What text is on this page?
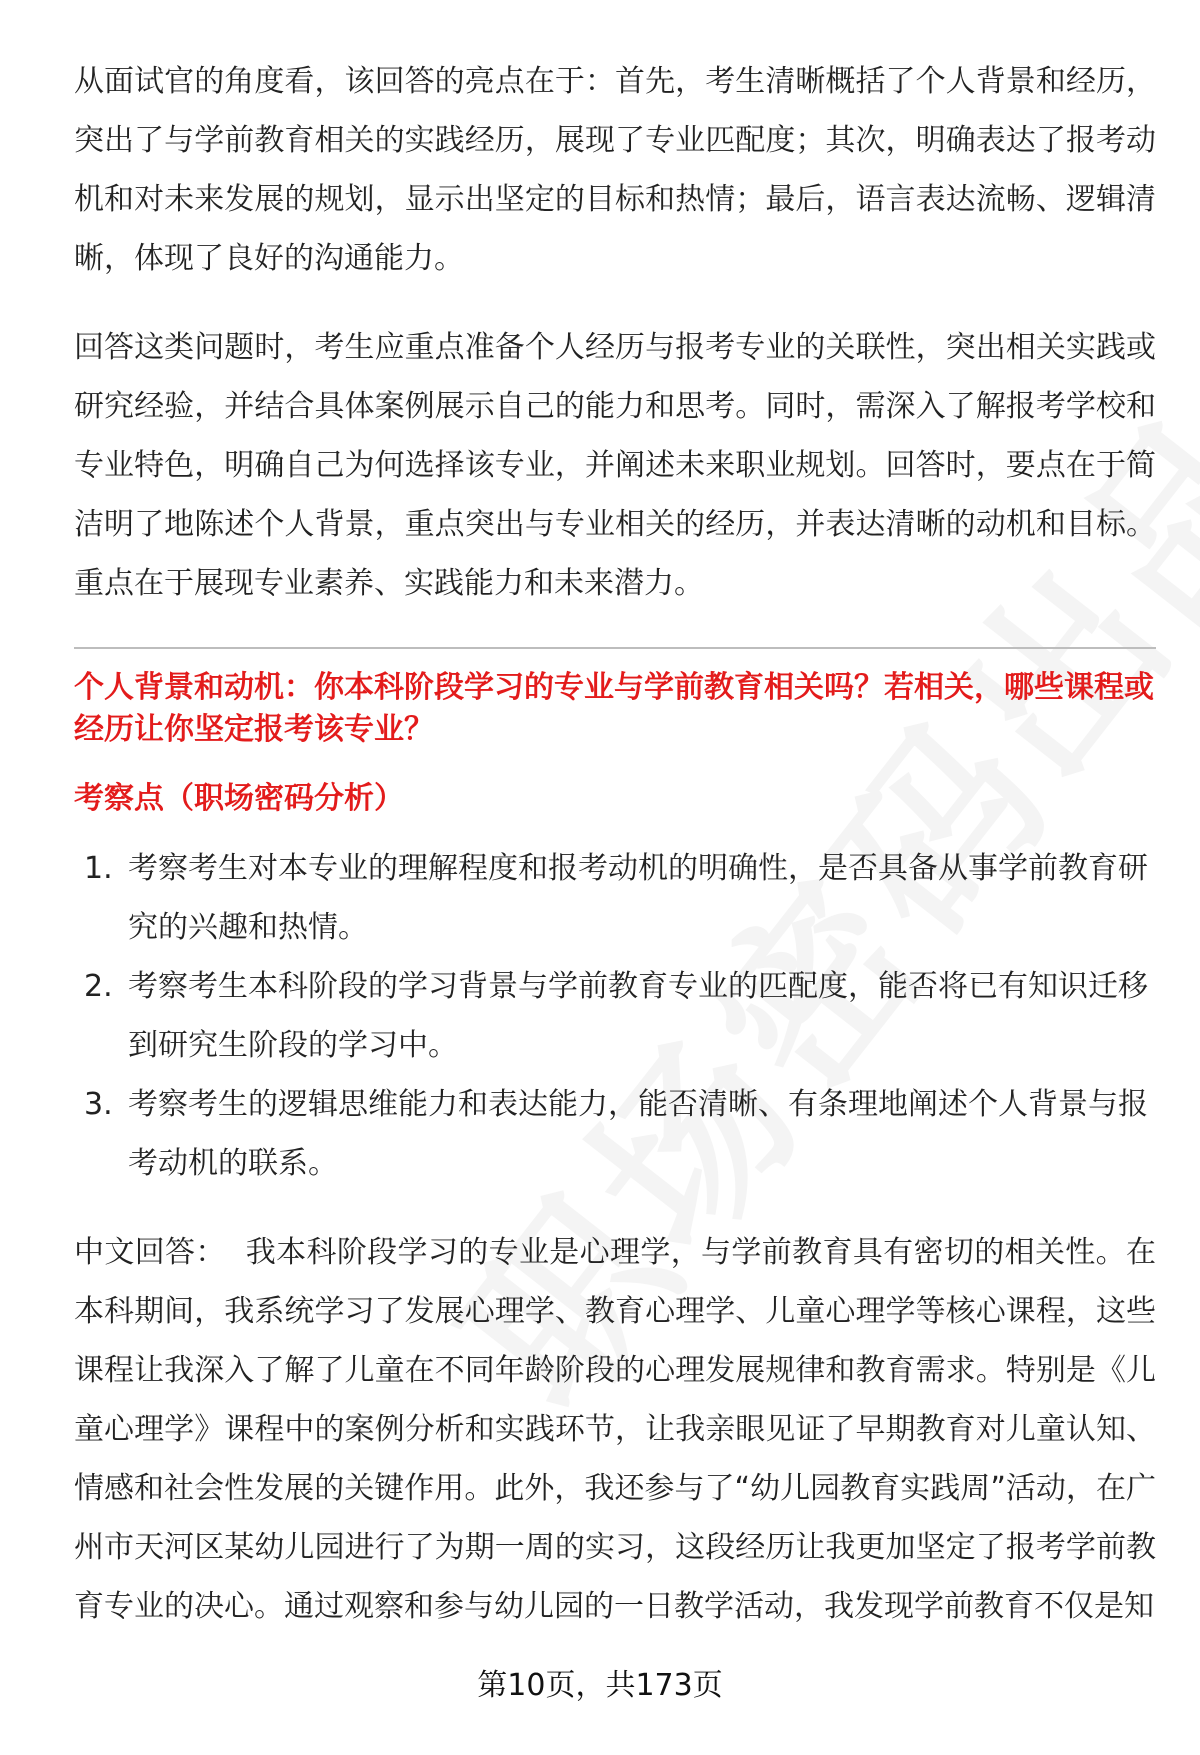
从面试官的角度看，该回答的亮点在于：首先，考生清晰概括了个人背景和经历，突出了与学前教育相关的实践经历，展现了专业匹配度；其次，明确表达了报考动机和对未来发展的规划，显示出坚定的目标和热情；最后，语言表达流畅、逻辑清晰，体现了良好的沟通能力。

回答这类问题时，考生应重点准备个人经历与报考专业的关联性，突出相关实践或研究经验，并结合具体案例展示自己的能力和思考。同时，需深入了解报考学校和专业特色，明确自己为何选择该专业，并阐述未来职业规划。回答时，要点在于简洁明了地陈述个人背景，重点突出与专业相关的经历，并表达清晰的动机和目标。重点在于展现专业素养、实践能力和未来潜力。

个人背景和动机：你本科阶段学习的专业与学前教育相关吗？若相关，哪些课程或经历让你坚定报考该专业？

考察点（职场密码分析）
1. 考察考生对本专业的理解程度和报考动机的明确性，是否具备从事学前教育研究的兴趣和热情。
2. 考察考生本科阶段的学习背景与学前教育专业的匹配度，能否将已有知识迁移到研究生阶段的学习中。
3. 考察考生的逻辑思维能力和表达能力，能否清晰、有条理地阐述个人背景与报考动机的联系。

中文回答： 我本科阶段学习的专业是心理学，与学前教育具有密切的相关性。在本科期间，我系统学习了发展心理学、教育心理学、儿童心理学等核心课程，这些课程让我深入了解了儿童在不同年龄阶段的心理发展规律和教育需求。特别是《儿童心理学》课程中的案例分析和实践环节，让我亲眼见证了早期教育对儿童认知、情感和社会性发展的关键作用。此外，我还参与了“幼儿园教育实践周”活动，在广州市天河区某幼儿园进行了为期一周的实习，这段经历让我更加坚定了报考学前教育专业的决心。通过观察和参与幼儿园的一日教学活动，我发现学前教育不仅是知

第10页，共173页
